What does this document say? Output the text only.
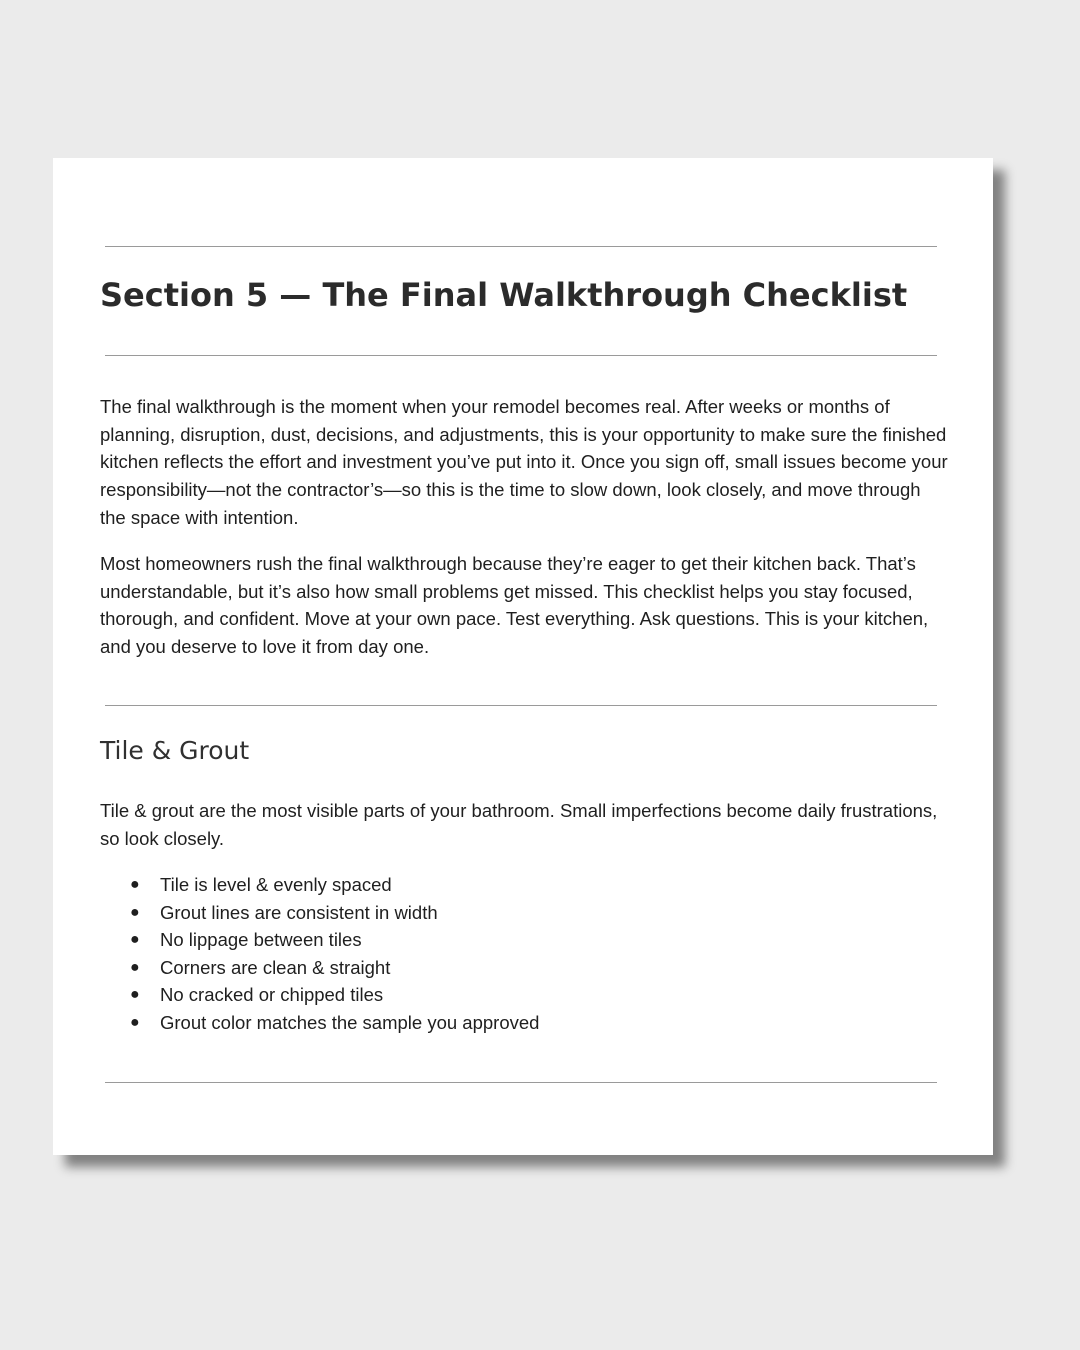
Section 5 — The Final Walkthrough Checklist

The final walkthrough is the moment when your remodel becomes real. After weeks or months of planning, disruption, dust, decisions, and adjustments, this is your opportunity to make sure the finished kitchen reflects the effort and investment you’ve put into it. Once you sign off, small issues become your responsibility—not the contractor’s—so this is the time to slow down, look closely, and move through the space with intention.

Most homeowners rush the final walkthrough because they’re eager to get their kitchen back. That’s understandable, but it’s also how small problems get missed. This checklist helps you stay focused, thorough, and confident. Move at your own pace. Test everything. Ask questions. This is your kitchen, and you deserve to love it from day one.

Tile & Grout

Tile & grout are the most visible parts of your bathroom. Small imperfections become daily frustrations, so look closely.

● Tile is level & evenly spaced
● Grout lines are consistent in width
● No lippage between tiles
● Corners are clean & straight
● No cracked or chipped tiles
● Grout color matches the sample you approved
